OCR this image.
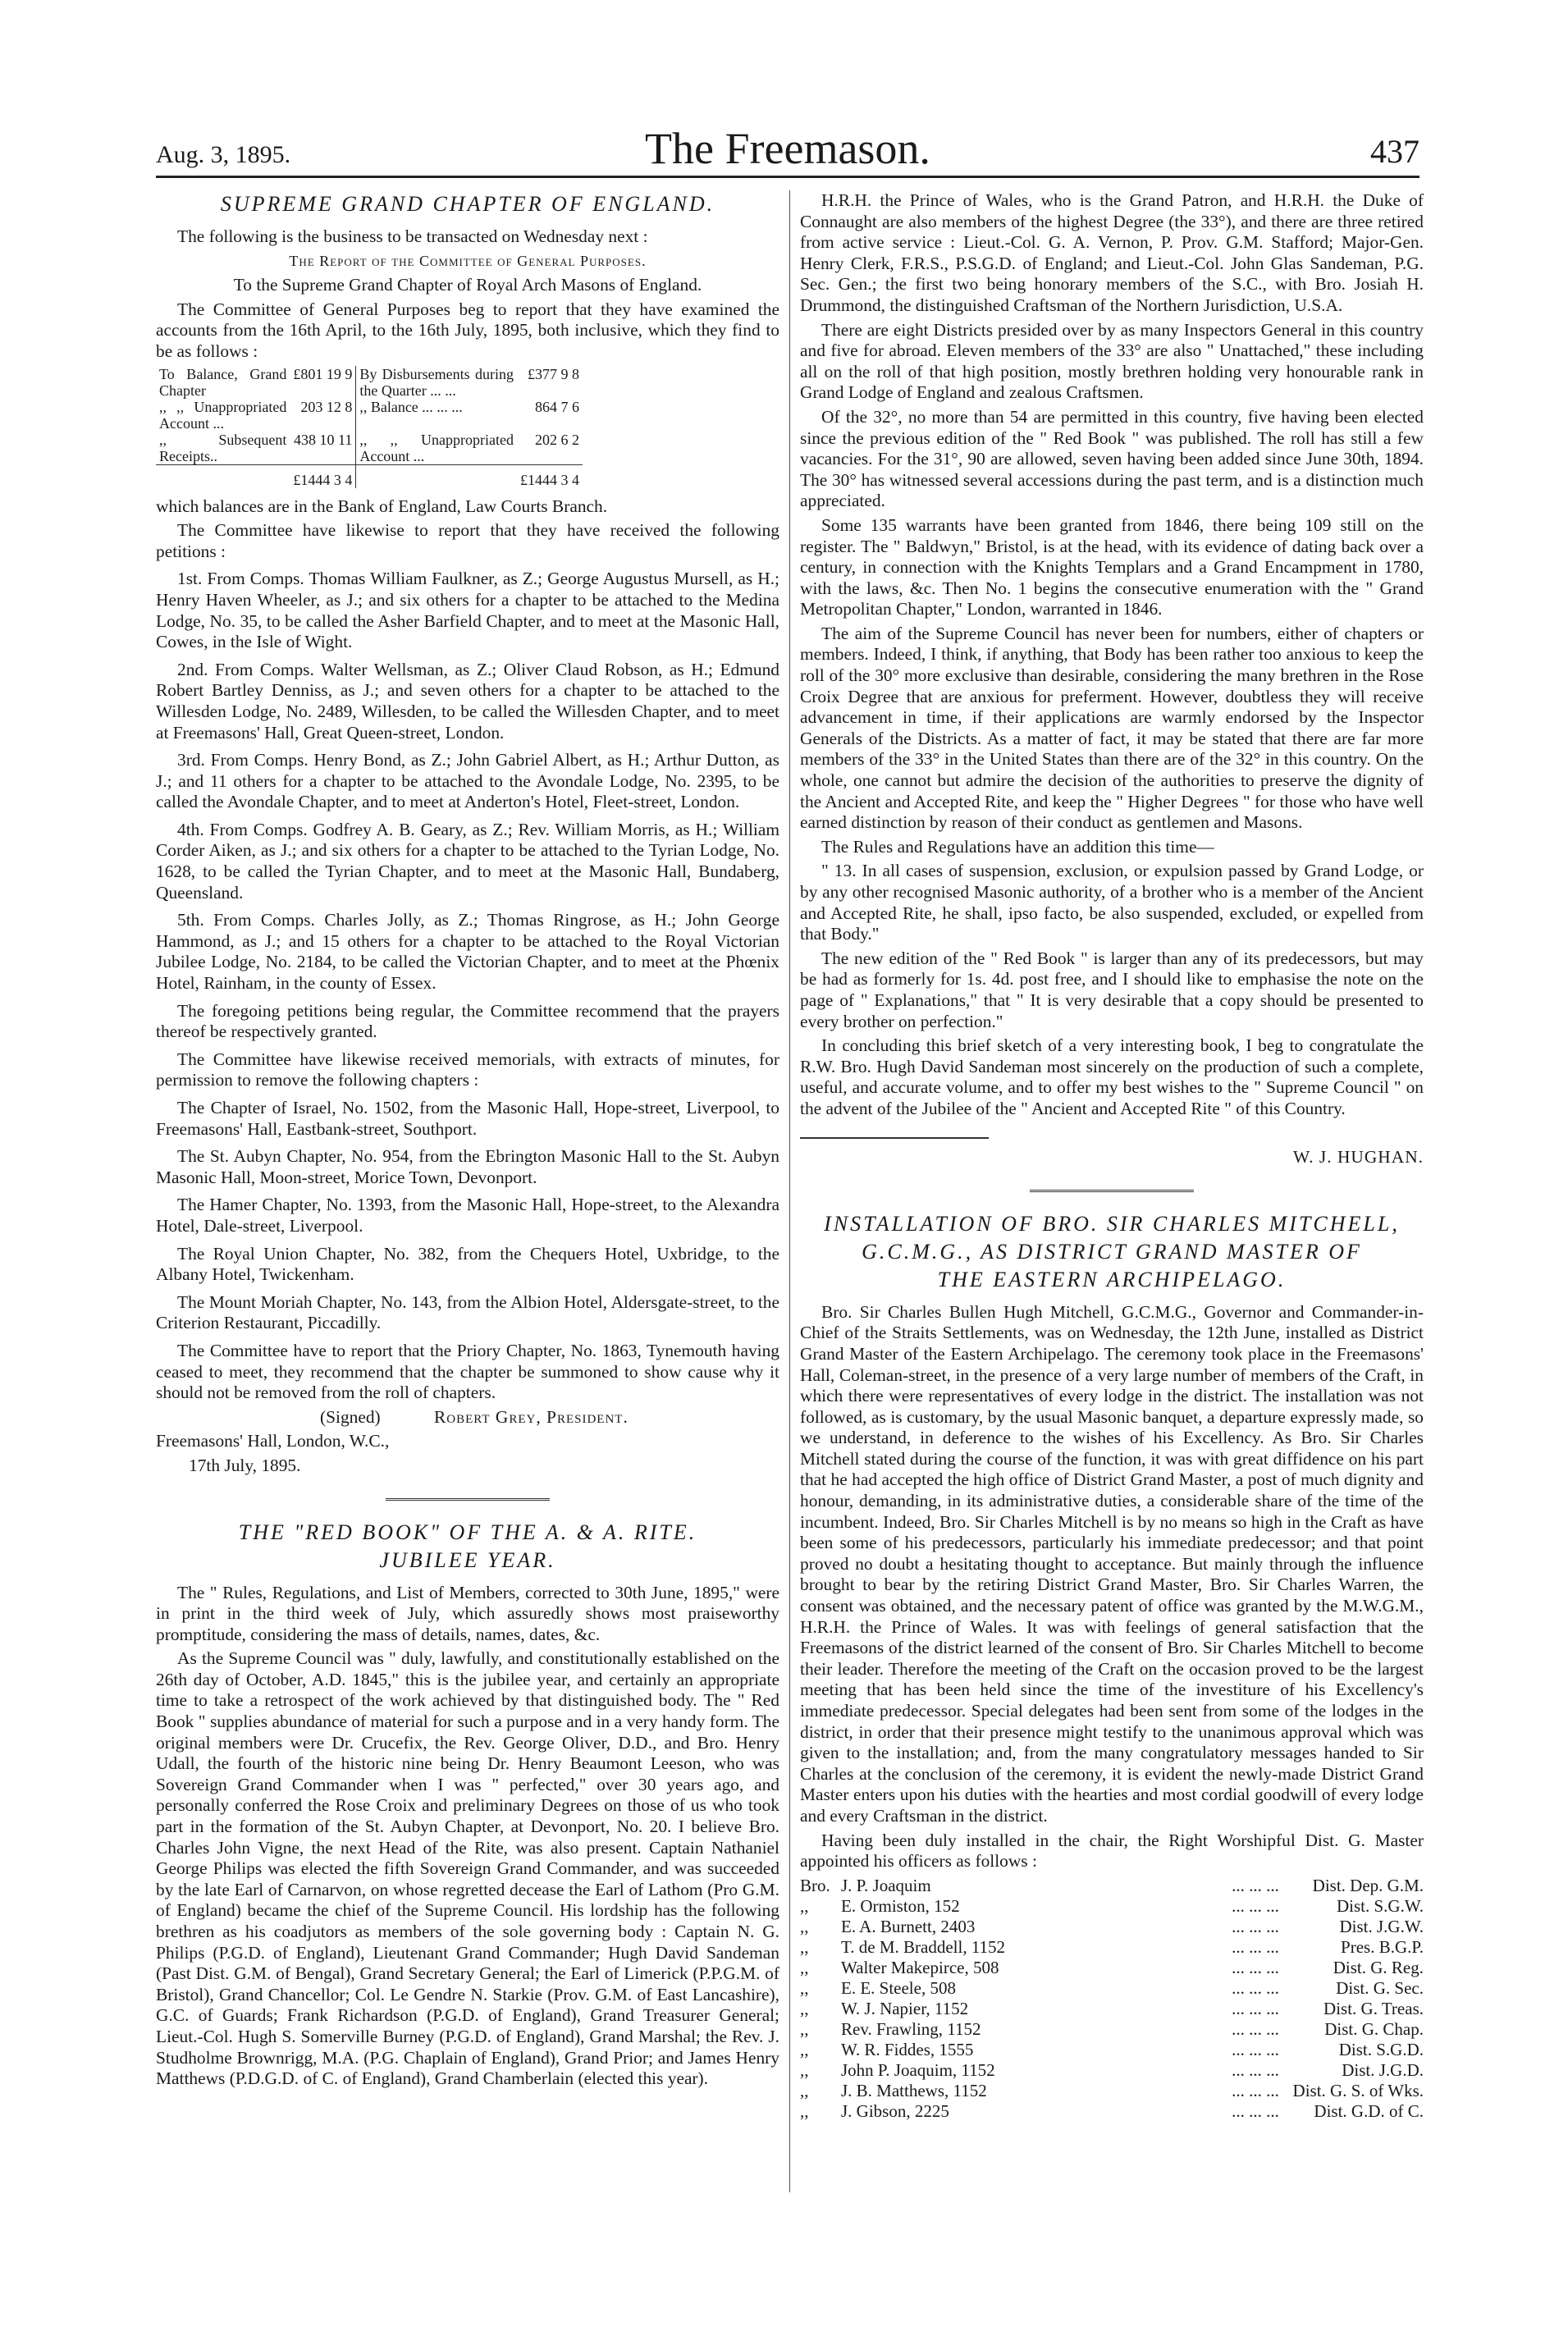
Aug. 3, 1895.	The Freemason.	437
SUPREME GRAND CHAPTER OF ENGLAND.

The following is the business to be transacted on Wednesday next :

The Report of the Committee of General Purposes.

To the Supreme Grand Chapter of Royal Arch Masons of England.

The Committee of General Purposes beg to report that they have examined the accounts from the 16th April, to the 16th July, 1895, both inclusive, which they find to be as follows :

To Balance, Grand Chapter	£801 19 9	By Disbursements during the Quarter ... ...	£377 9 8
,, ,, Unappropriated Account ...	203 12 8	,, Balance ... ... ...	864 7 6
,, Subsequent Receipts..	438 10 11	,, ,, Unappropriated Account ...	202 6 2
	£1444 3 4		£1444 3 4

which balances are in the Bank of England, Law Courts Branch.

The Committee have likewise to report that they have received the following petitions :

1st. From Comps. Thomas William Faulkner, as Z.; George Augustus Mursell, as H.; Henry Haven Wheeler, as J.; and six others for a chapter to be attached to the Medina Lodge, No. 35, to be called the Asher Barfield Chapter, and to meet at the Masonic Hall, Cowes, in the Isle of Wight.

2nd. From Comps. Walter Wellsman, as Z.; Oliver Claud Robson, as H.; Edmund Robert Bartley Denniss, as J.; and seven others for a chapter to be attached to the Willesden Lodge, No. 2489, Willesden, to be called the Willesden Chapter, and to meet at Freemasons' Hall, Great Queen-street, London.

3rd. From Comps. Henry Bond, as Z.; John Gabriel Albert, as H.; Arthur Dutton, as J.; and 11 others for a chapter to be attached to the Avondale Lodge, No. 2395, to be called the Avondale Chapter, and to meet at Anderton's Hotel, Fleet-street, London.

4th. From Comps. Godfrey A. B. Geary, as Z.; Rev. William Morris, as H.; William Corder Aiken, as J.; and six others for a chapter to be attached to the Tyrian Lodge, No. 1628, to be called the Tyrian Chapter, and to meet at the Masonic Hall, Bundaberg, Queensland.

5th. From Comps. Charles Jolly, as Z.; Thomas Ringrose, as H.; John George Hammond, as J.; and 15 others for a chapter to be attached to the Royal Victorian Jubilee Lodge, No. 2184, to be called the Victorian Chapter, and to meet at the Phœnix Hotel, Rainham, in the county of Essex.

The foregoing petitions being regular, the Committee recommend that the prayers thereof be respectively granted.

The Committee have likewise received memorials, with extracts of minutes, for permission to remove the following chapters :

The Chapter of Israel, No. 1502, from the Masonic Hall, Hope-street, Liverpool, to Freemasons' Hall, Eastbank-street, Southport.

The St. Aubyn Chapter, No. 954, from the Ebrington Masonic Hall to the St. Aubyn Masonic Hall, Moon-street, Morice Town, Devonport.

The Hamer Chapter, No. 1393, from the Masonic Hall, Hope-street, to the Alexandra Hotel, Dale-street, Liverpool.

The Royal Union Chapter, No. 382, from the Chequers Hotel, Uxbridge, to the Albany Hotel, Twickenham.

The Mount Moriah Chapter, No. 143, from the Albion Hotel, Aldersgate-street, to the Criterion Restaurant, Piccadilly.

The Committee have to report that the Priory Chapter, No. 1863, Tynemouth having ceased to meet, they recommend that the chapter be summoned to show cause why it should not be removed from the roll of chapters.

(Signed)	Robert Grey, President.

Freemasons' Hall, London, W.C.,

17th July, 1895.

THE "RED BOOK" OF THE A. & A. RITE.
JUBILEE YEAR.

The " Rules, Regulations, and List of Members, corrected to 30th June, 1895," were in print in the third week of July, which assuredly shows most praiseworthy promptitude, considering the mass of details, names, dates, &c.

As the Supreme Council was " duly, lawfully, and constitutionally established on the 26th day of October, A.D. 1845," this is the jubilee year, and certainly an appropriate time to take a retrospect of the work achieved by that distinguished body. The " Red Book " supplies abundance of material for such a purpose and in a very handy form. The original members were Dr. Crucefix, the Rev. George Oliver, D.D., and Bro. Henry Udall, the fourth of the historic nine being Dr. Henry Beaumont Leeson, who was Sovereign Grand Commander when I was " perfected," over 30 years ago, and personally conferred the Rose Croix and preliminary Degrees on those of us who took part in the formation of the St. Aubyn Chapter, at Devonport, No. 20. I believe Bro. Charles John Vigne, the next Head of the Rite, was also present. Captain Nathaniel George Philips was elected the fifth Sovereign Grand Commander, and was succeeded by the late Earl of Carnarvon, on whose regretted decease the Earl of Lathom (Pro G.M. of England) became the chief of the Supreme Council. His lordship has the following brethren as his coadjutors as members of the sole governing body : Captain N. G. Philips (P.G.D. of England), Lieutenant Grand Commander; Hugh David Sandeman (Past Dist. G.M. of Bengal), Grand Secretary General; the Earl of Limerick (P.P.G.M. of Bristol), Grand Chancellor; Col. Le Gendre N. Starkie (Prov. G.M. of East Lancashire), G.C. of Guards; Frank Richardson (P.G.D. of England), Grand Treasurer General; Lieut.-Col. Hugh S. Somerville Burney (P.G.D. of England), Grand Marshal; the Rev. J. Studholme Brownrigg, M.A. (P.G. Chaplain of England), Grand Prior; and James Henry Matthews (P.D.G.D. of C. of England), Grand Chamberlain (elected this year).

H.R.H. the Prince of Wales, who is the Grand Patron, and H.R.H. the Duke of Connaught are also members of the highest Degree (the 33°), and there are three retired from active service : Lieut.-Col. G. A. Vernon, P. Prov. G.M. Stafford; Major-Gen. Henry Clerk, F.R.S., P.S.G.D. of England; and Lieut.-Col. John Glas Sandeman, P.G. Sec. Gen.; the first two being honorary members of the S.C., with Bro. Josiah H. Drummond, the distinguished Craftsman of the Northern Jurisdiction, U.S.A.

There are eight Districts presided over by as many Inspectors General in this country and five for abroad. Eleven members of the 33° are also " Unattached," these including all on the roll of that high position, mostly brethren holding very honourable rank in Grand Lodge of England and zealous Craftsmen.

Of the 32°, no more than 54 are permitted in this country, five having been elected since the previous edition of the " Red Book " was published. The roll has still a few vacancies. For the 31°, 90 are allowed, seven having been added since June 30th, 1894. The 30° has witnessed several accessions during the past term, and is a distinction much appreciated.

Some 135 warrants have been granted from 1846, there being 109 still on the register. The " Baldwyn," Bristol, is at the head, with its evidence of dating back over a century, in connection with the Knights Templars and a Grand Encampment in 1780, with the laws, &c. Then No. 1 begins the consecutive enumeration with the " Grand Metropolitan Chapter," London, warranted in 1846.

The aim of the Supreme Council has never been for numbers, either of chapters or members. Indeed, I think, if anything, that Body has been rather too anxious to keep the roll of the 30° more exclusive than desirable, considering the many brethren in the Rose Croix Degree that are anxious for preferment. However, doubtless they will receive advancement in time, if their applications are warmly endorsed by the Inspector Generals of the Districts. As a matter of fact, it may be stated that there are far more members of the 33° in the United States than there are of the 32° in this country. On the whole, one cannot but admire the decision of the authorities to preserve the dignity of the Ancient and Accepted Rite, and keep the " Higher Degrees " for those who have well earned distinction by reason of their conduct as gentlemen and Masons.

The Rules and Regulations have an addition this time—

" 13. In all cases of suspension, exclusion, or expulsion passed by Grand Lodge, or by any other recognised Masonic authority, of a brother who is a member of the Ancient and Accepted Rite, he shall, ipso facto, be also suspended, excluded, or expelled from that Body."

The new edition of the " Red Book " is larger than any of its predecessors, but may be had as formerly for 1s. 4d. post free, and I should like to emphasise the note on the page of " Explanations," that " It is very desirable that a copy should be presented to every brother on perfection."

In concluding this brief sketch of a very interesting book, I beg to congratulate the R.W. Bro. Hugh David Sandeman most sincerely on the production of such a complete, useful, and accurate volume, and to offer my best wishes to the " Supreme Council " on the advent of the Jubilee of the " Ancient and Accepted Rite " of this Country.

W. J. HUGHAN.

INSTALLATION OF BRO. SIR CHARLES MITCHELL,
G.C.M.G., AS DISTRICT GRAND MASTER OF
THE EASTERN ARCHIPELAGO.

Bro. Sir Charles Bullen Hugh Mitchell, G.C.M.G., Governor and Commander-in-Chief of the Straits Settlements, was on Wednesday, the 12th June, installed as District Grand Master of the Eastern Archipelago. The ceremony took place in the Freemasons' Hall, Coleman-street, in the presence of a very large number of members of the Craft, in which there were representatives of every lodge in the district. The installation was not followed, as is customary, by the usual Masonic banquet, a departure expressly made, so we understand, in deference to the wishes of his Excellency. As Bro. Sir Charles Mitchell stated during the course of the function, it was with great diffidence on his part that he had accepted the high office of District Grand Master, a post of much dignity and honour, demanding, in its administrative duties, a considerable share of the time of the incumbent. Indeed, Bro. Sir Charles Mitchell is by no means so high in the Craft as have been some of his predecessors, particularly his immediate predecessor; and that point proved no doubt a hesitating thought to acceptance. But mainly through the influence brought to bear by the retiring District Grand Master, Bro. Sir Charles Warren, the consent was obtained, and the necessary patent of office was granted by the M.W.G.M., H.R.H. the Prince of Wales. It was with feelings of general satisfaction that the Freemasons of the district learned of the consent of Bro. Sir Charles Mitchell to become their leader. Therefore the meeting of the Craft on the occasion proved to be the largest meeting that has been held since the time of the investiture of his Excellency's immediate predecessor. Special delegates had been sent from some of the lodges in the district, in order that their presence might testify to the unanimous approval which was given to the installation; and, from the many congratulatory messages handed to Sir Charles at the conclusion of the ceremony, it is evident the newly-made District Grand Master enters upon his duties with the hearties and most cordial goodwill of every lodge and every Craftsman in the district.

Having been duly installed in the chair, the Right Worshipful Dist. G. Master appointed his officers as follows :

Bro.	J. P. Joaquim	... ... ...	Dist. Dep. G.M.
,,	E. Ormiston, 152	... ... ...	Dist. S.G.W.
,,	E. A. Burnett, 2403	... ... ...	Dist. J.G.W.
,,	T. de M. Braddell, 1152	... ... ...	Pres. B.G.P.
,,	Walter Makepirce, 508	... ... ...	Dist. G. Reg.
,,	E. E. Steele, 508	... ... ...	Dist. G. Sec.
,,	W. J. Napier, 1152	... ... ...	Dist. G. Treas.
,,	Rev. Frawling, 1152	... ... ...	Dist. G. Chap.
,,	W. R. Fiddes, 1555	... ... ...	Dist. S.G.D.
,,	John P. Joaquim, 1152	... ... ...	Dist. J.G.D.
,,	J. B. Matthews, 1152	... ... ...	Dist. G. S. of Wks.
,,	J. Gibson, 2225	... ... ...	Dist. G.D. of C.
